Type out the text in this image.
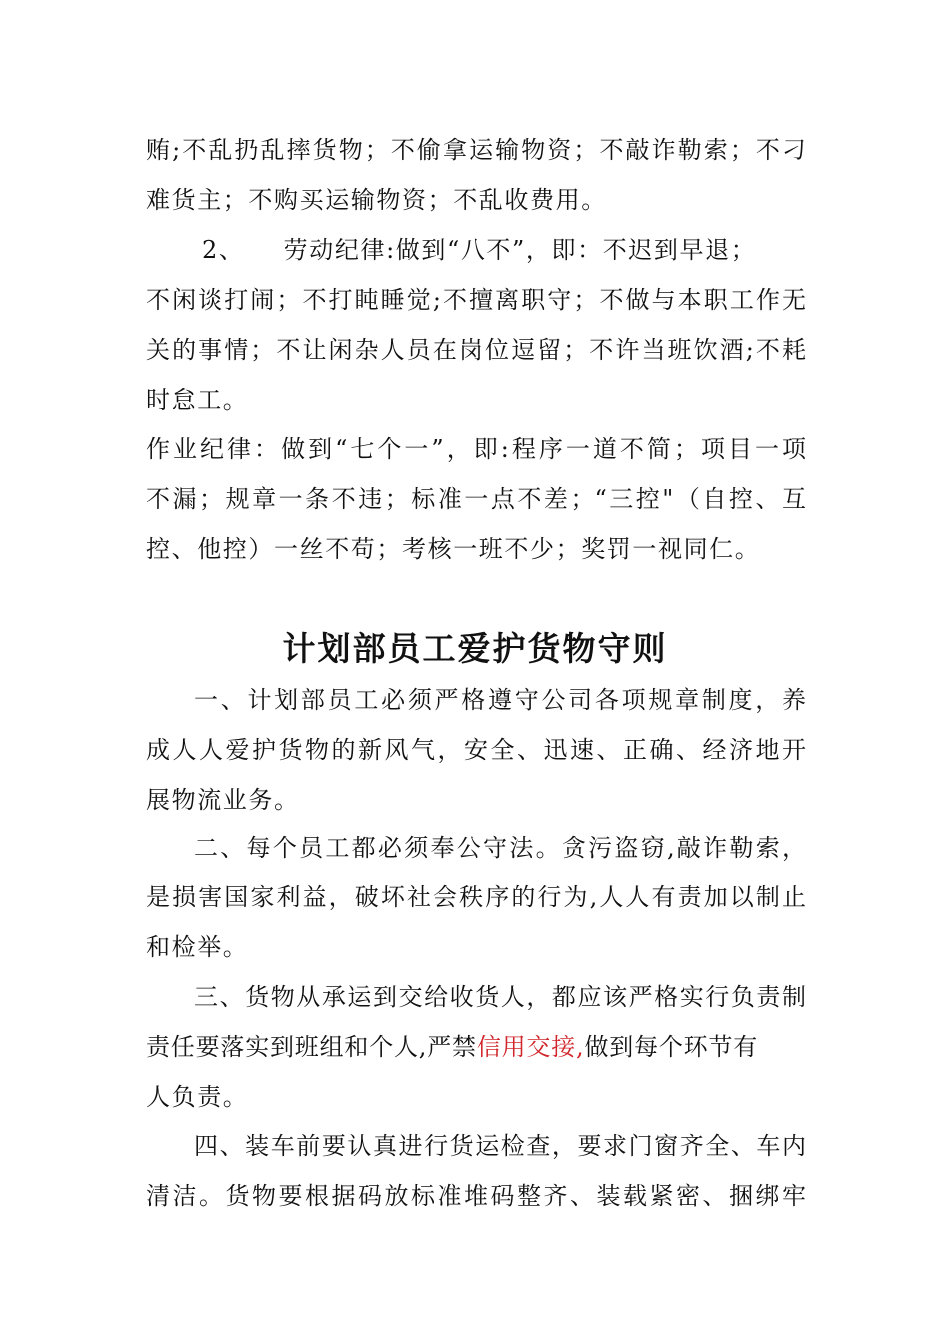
贿;不乱扔乱摔货物；不偷拿运输物资；不敲诈勒索；不刁
难货主；不购买运输物资；不乱收费用。
2、　　劳动纪律:做到“八不”，即：不迟到早退；
不闲谈打闹；不打盹睡觉;不擅离职守；不做与本职工作无
关的事情；不让闲杂人员在岗位逗留；不许当班饮酒;不耗
时怠工。
作业纪律：做到“七个一”，即:程序一道不简；项目一项
不漏；规章一条不违；标准一点不差；“三控"（自控、互
控、他控）一丝不苟；考核一班不少；奖罚一视同仁。
计划部员工爱护货物守则
一、计划部员工必须严格遵守公司各项规章制度，养
成人人爱护货物的新风气，安全、迅速、正确、经济地开
展物流业务。
二、每个员工都必须奉公守法。贪污盗窃,敲诈勒索，
是损害国家利益，破坏社会秩序的行为,人人有责加以制止
和检举。
三、货物从承运到交给收货人，都应该严格实行负责制
责任要落实到班组和个人,严禁信用交接,做到每个环节有
人负责。
四、装车前要认真进行货运检查，要求门窗齐全、车内
清洁。货物要根据码放标准堆码整齐、装载紧密、捆绑牢
